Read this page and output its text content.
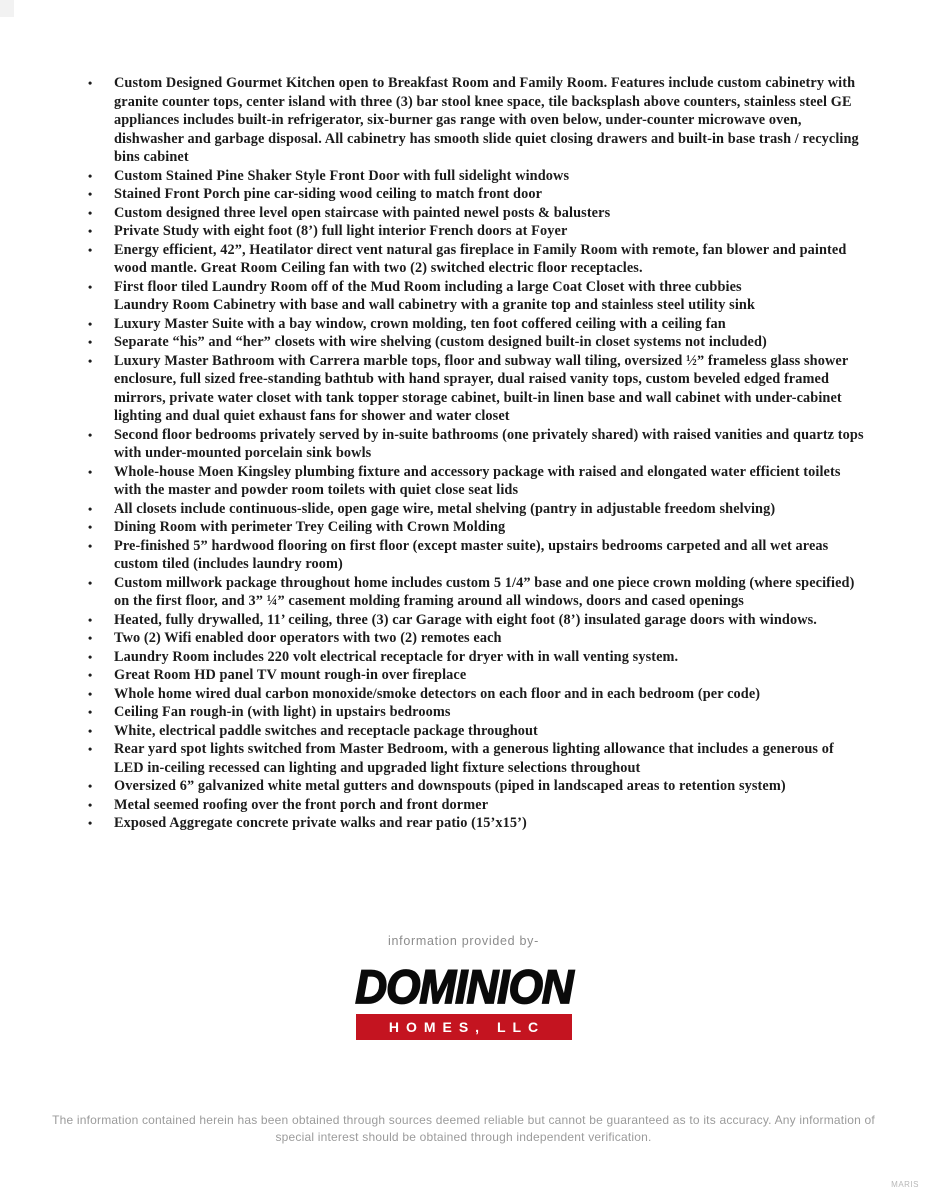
•	Custom Designed Gourmet Kitchen open to Breakfast Room and Family Room. Features include custom cabinetry with granite counter tops, center island with three (3) bar stool knee space, tile backsplash above counters, stainless steel GE appliances includes built-in refrigerator, six-burner gas range with oven below, under-counter microwave oven, dishwasher and garbage disposal. All cabinetry has smooth slide quiet closing drawers and built-in base trash / recycling bins cabinet
•	Custom Stained Pine Shaker Style Front Door with full sidelight windows
•	Stained Front Porch pine car-siding wood ceiling to match front door
•	Custom designed three level open staircase with painted newel posts & balusters
•	Private Study with eight foot (8’) full light interior French doors at Foyer
•	Energy efficient, 42”, Heatilator direct vent natural gas fireplace in Family Room with remote, fan blower and painted wood mantle. Great Room Ceiling fan with two (2) switched electric floor receptacles.
•	First floor tiled Laundry Room off of the Mud Room including a large Coat Closet with three cubbies
Laundry Room Cabinetry with base and wall cabinetry with a granite top and stainless steel utility sink
•	Luxury Master Suite with a bay window, crown molding, ten foot coffered ceiling with a ceiling fan
•	Separate “his” and “her” closets with wire shelving (custom designed built-in closet systems not included)
•	Luxury Master Bathroom with Carrera marble tops, floor and subway wall tiling, oversized ½” frameless glass shower enclosure, full sized free-standing bathtub with hand sprayer, dual raised vanity tops, custom beveled edged framed mirrors, private water closet with tank topper storage cabinet, built-in linen base and wall cabinet with under-cabinet lighting and dual quiet exhaust fans for shower and water closet
•	Second floor bedrooms privately served by in-suite bathrooms (one privately shared) with raised vanities and quartz tops with under-mounted porcelain sink bowls
•	Whole-house Moen Kingsley plumbing fixture and accessory package with raised and elongated water efficient toilets with the master and powder room toilets with quiet close seat lids
•	All closets include continuous-slide, open gage wire, metal shelving (pantry in adjustable freedom shelving)
•	Dining Room with perimeter Trey Ceiling with Crown Molding
•	Pre-finished 5” hardwood flooring on first floor (except master suite), upstairs bedrooms carpeted and all wet areas custom tiled (includes laundry room)
•	Custom millwork package throughout home includes custom 5 1/4” base and one piece crown molding (where specified) on the first floor, and 3” ¼” casement molding framing around all windows, doors and cased openings
•	Heated, fully drywalled, 11’ ceiling, three (3) car Garage with eight foot (8’) insulated garage doors with windows.
•	Two (2) Wifi enabled door operators with two (2) remotes each
•	Laundry Room includes 220 volt electrical receptacle for dryer with in wall venting system.
•	Great Room HD panel TV mount rough-in over fireplace
•	Whole home wired dual carbon monoxide/smoke detectors on each floor and in each bedroom (per code)
•	Ceiling Fan rough-in (with light) in upstairs bedrooms
•	White, electrical paddle switches and receptacle package throughout
•	Rear yard spot lights switched from Master Bedroom, with a generous lighting allowance that includes a generous of LED in-ceiling recessed can lighting and upgraded light fixture selections throughout
•	Oversized 6” galvanized white metal gutters and downspouts (piped in landscaped areas to retention system)
•	Metal seemed roofing over the front porch and front dormer
•	Exposed Aggregate concrete private walks and rear patio (15’x15’)
information provided by-
DOMINION
HOMES, LLC
The information contained herein has been obtained through sources deemed reliable but cannot be guaranteed as to its accuracy. Any information of
special interest should be obtained through independent verification.
MARIS
